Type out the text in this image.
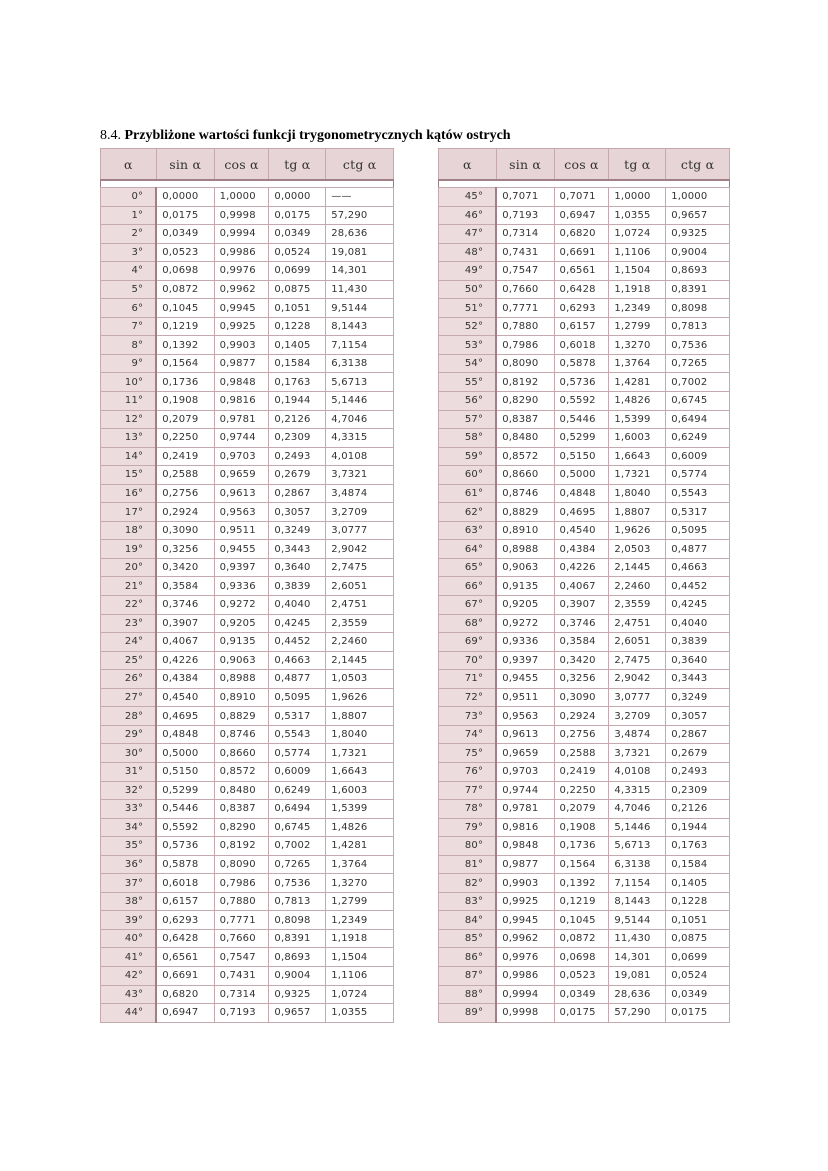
8.4. Przybliżone wartości funkcji trygonometrycznych kątów ostrych
α	sin α	cos α	tg α	ctg α

0°	0,0000	1,0000	0,0000	——
1°	0,0175	0,9998	0,0175	57,290
2°	0,0349	0,9994	0,0349	28,636
3°	0,0523	0,9986	0,0524	19,081
4°	0,0698	0,9976	0,0699	14,301
5°	0,0872	0,9962	0,0875	11,430
6°	0,1045	0,9945	0,1051	9,5144
7°	0,1219	0,9925	0,1228	8,1443
8°	0,1392	0,9903	0,1405	7,1154
9°	0,1564	0,9877	0,1584	6,3138
10°	0,1736	0,9848	0,1763	5,6713
11°	0,1908	0,9816	0,1944	5,1446
12°	0,2079	0,9781	0,2126	4,7046
13°	0,2250	0,9744	0,2309	4,3315
14°	0,2419	0,9703	0,2493	4,0108
15°	0,2588	0,9659	0,2679	3,7321
16°	0,2756	0,9613	0,2867	3,4874
17°	0,2924	0,9563	0,3057	3,2709
18°	0,3090	0,9511	0,3249	3,0777
19°	0,3256	0,9455	0,3443	2,9042
20°	0,3420	0,9397	0,3640	2,7475
21°	0,3584	0,9336	0,3839	2,6051
22°	0,3746	0,9272	0,4040	2,4751
23°	0,3907	0,9205	0,4245	2,3559
24°	0,4067	0,9135	0,4452	2,2460
25°	0,4226	0,9063	0,4663	2,1445
26°	0,4384	0,8988	0,4877	1,0503
27°	0,4540	0,8910	0,5095	1,9626
28°	0,4695	0,8829	0,5317	1,8807
29°	0,4848	0,8746	0,5543	1,8040
30°	0,5000	0,8660	0,5774	1,7321
31°	0,5150	0,8572	0,6009	1,6643
32°	0,5299	0,8480	0,6249	1,6003
33°	0,5446	0,8387	0,6494	1,5399
34°	0,5592	0,8290	0,6745	1,4826
35°	0,5736	0,8192	0,7002	1,4281
36°	0,5878	0,8090	0,7265	1,3764
37°	0,6018	0,7986	0,7536	1,3270
38°	0,6157	0,7880	0,7813	1,2799
39°	0,6293	0,7771	0,8098	1,2349
40°	0,6428	0,7660	0,8391	1,1918
41°	0,6561	0,7547	0,8693	1,1504
42°	0,6691	0,7431	0,9004	1,1106
43°	0,6820	0,7314	0,9325	1,0724
44°	0,6947	0,7193	0,9657	1,0355
α	sin α	cos α	tg α	ctg α

45°	0,7071	0,7071	1,0000	1,0000
46°	0,7193	0,6947	1,0355	0,9657
47°	0,7314	0,6820	1,0724	0,9325
48°	0,7431	0,6691	1,1106	0,9004
49°	0,7547	0,6561	1,1504	0,8693
50°	0,7660	0,6428	1,1918	0,8391
51°	0,7771	0,6293	1,2349	0,8098
52°	0,7880	0,6157	1,2799	0,7813
53°	0,7986	0,6018	1,3270	0,7536
54°	0,8090	0,5878	1,3764	0,7265
55°	0,8192	0,5736	1,4281	0,7002
56°	0,8290	0,5592	1,4826	0,6745
57°	0,8387	0,5446	1,5399	0,6494
58°	0,8480	0,5299	1,6003	0,6249
59°	0,8572	0,5150	1,6643	0,6009
60°	0,8660	0,5000	1,7321	0,5774
61°	0,8746	0,4848	1,8040	0,5543
62°	0,8829	0,4695	1,8807	0,5317
63°	0,8910	0,4540	1,9626	0,5095
64°	0,8988	0,4384	2,0503	0,4877
65°	0,9063	0,4226	2,1445	0,4663
66°	0,9135	0,4067	2,2460	0,4452
67°	0,9205	0,3907	2,3559	0,4245
68°	0,9272	0,3746	2,4751	0,4040
69°	0,9336	0,3584	2,6051	0,3839
70°	0,9397	0,3420	2,7475	0,3640
71°	0,9455	0,3256	2,9042	0,3443
72°	0,9511	0,3090	3,0777	0,3249
73°	0,9563	0,2924	3,2709	0,3057
74°	0,9613	0,2756	3,4874	0,2867
75°	0,9659	0,2588	3,7321	0,2679
76°	0,9703	0,2419	4,0108	0,2493
77°	0,9744	0,2250	4,3315	0,2309
78°	0,9781	0,2079	4,7046	0,2126
79°	0,9816	0,1908	5,1446	0,1944
80°	0,9848	0,1736	5,6713	0,1763
81°	0,9877	0,1564	6,3138	0,1584
82°	0,9903	0,1392	7,1154	0,1405
83°	0,9925	0,1219	8,1443	0,1228
84°	0,9945	0,1045	9,5144	0,1051
85°	0,9962	0,0872	11,430	0,0875
86°	0,9976	0,0698	14,301	0,0699
87°	0,9986	0,0523	19,081	0,0524
88°	0,9994	0,0349	28,636	0,0349
89°	0,9998	0,0175	57,290	0,0175
